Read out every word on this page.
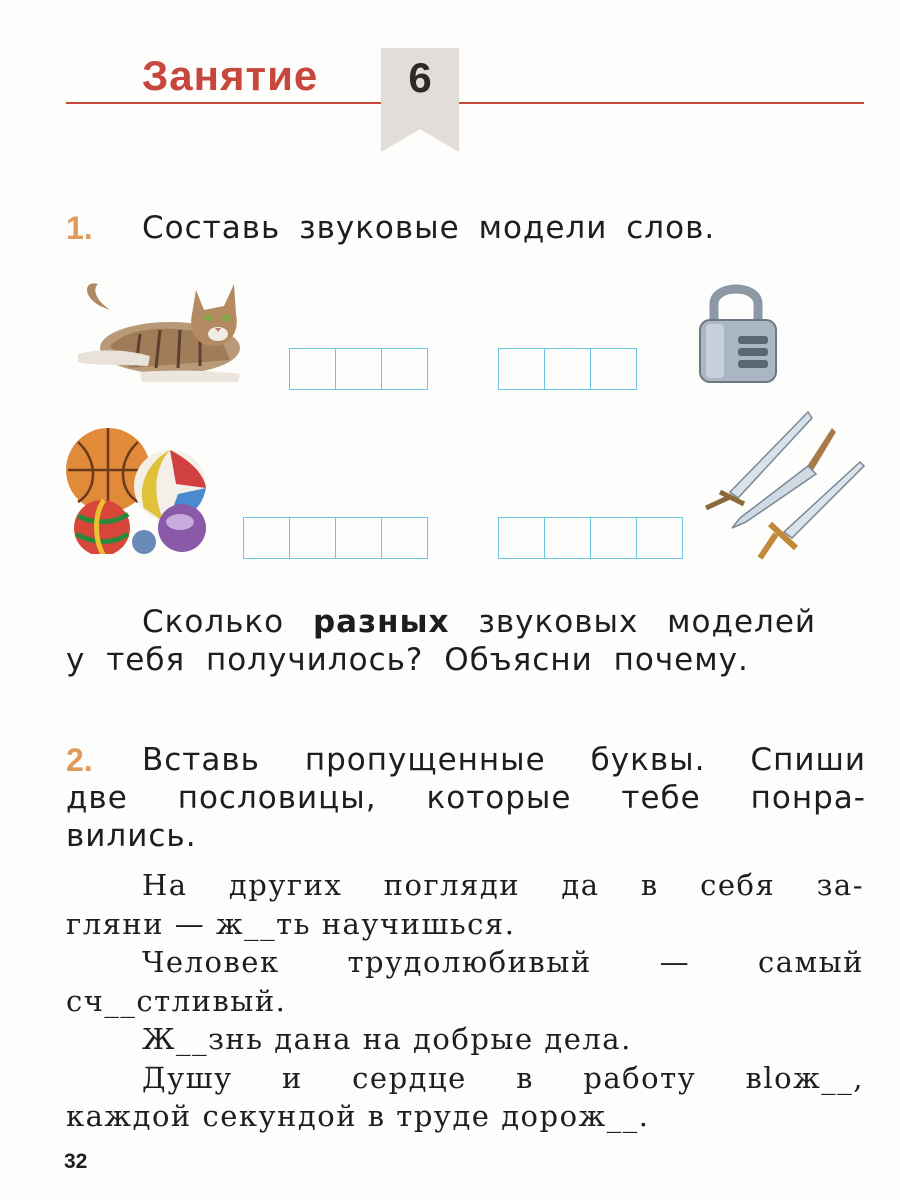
Занятие	6
1. Составь звуковые модели слов.
Сколько разных звуковых моделей
у тебя получилось? Объясни почему.
2.	Вставь пропущенные буквы. Спиши
две пословицы, которые тебе понра-
вились.
На других погляди да в себя за-
гляни — ж__ть научишься.
Человек трудолюбивый — самый
сч__стливый.
Ж__знь дана на добрые дела.
Душу и сердце в работу вlож__,
каждой секундой в труде дорож__.
32
